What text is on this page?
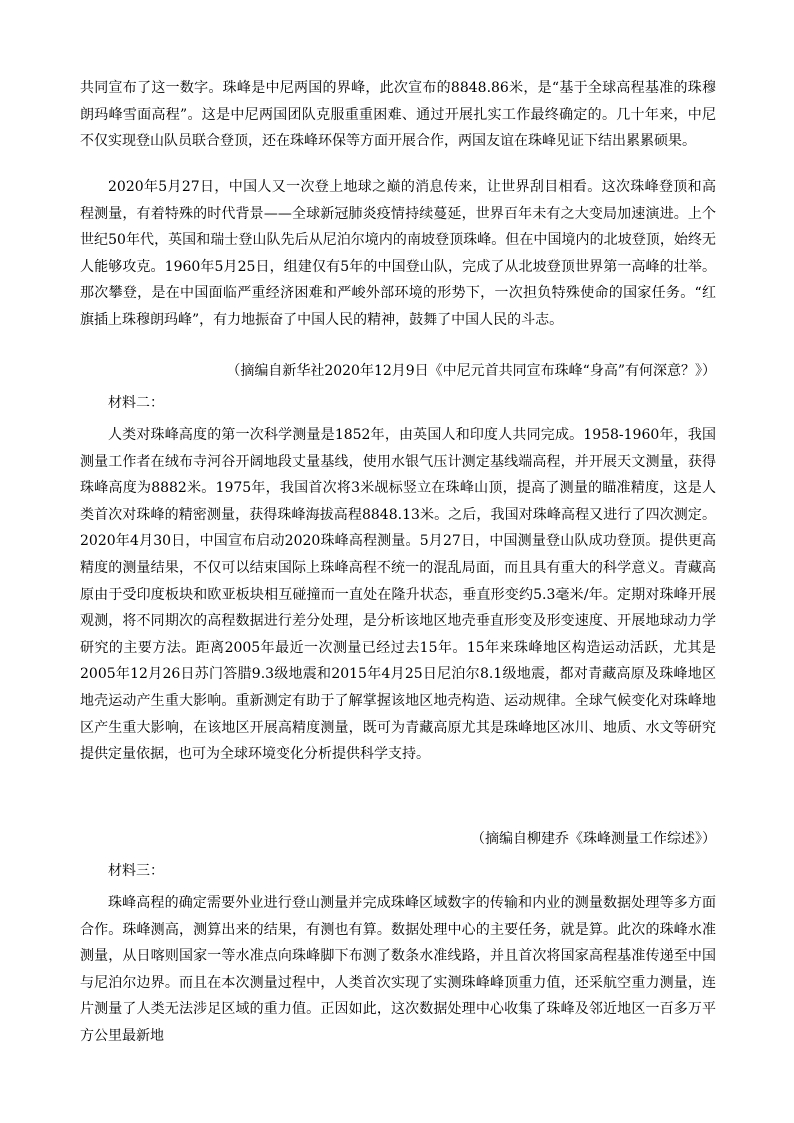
共同宣布了这一数字。珠峰是中尼两国的界峰，此次宣布的8848.86米，是“基于全球高程基准的珠穆朗玛峰雪面高程”。这是中尼两国团队克服重重困难、通过开展扎实工作最终确定的。几十年来，中尼不仅实现登山队员联合登顶，还在珠峰环保等方面开展合作，两国友谊在珠峰见证下结出累累硕果。

2020年5月27日，中国人又一次登上地球之巅的消息传来，让世界刮目相看。这次珠峰登顶和高程测量，有着特殊的时代背景——全球新冠肺炎疫情持续蔓延，世界百年未有之大变局加速演进。上个世纪50年代，英国和瑞士登山队先后从尼泊尔境内的南坡登顶珠峰。但在中国境内的北坡登顶，始终无人能够攻克。1960年5月25日，组建仅有5年的中国登山队，完成了从北坡登顶世界第一高峰的壮举。那次攀登，是在中国面临严重经济困难和严峻外部环境的形势下，一次担负特殊使命的国家任务。“红旗插上珠穆朗玛峰”，有力地振奋了中国人民的精神，鼓舞了中国人民的斗志。

（摘编自新华社2020年12月9日《中尼元首共同宣布珠峰“身高”有何深意？》）

材料二：

人类对珠峰高度的第一次科学测量是1852年，由英国人和印度人共同完成。1958-1960年，我国测量工作者在绒布寺河谷开阔地段丈量基线，使用水银气压计测定基线端高程，并开展天文测量，获得珠峰高度为8882米。1975年，我国首次将3米觇标竖立在珠峰山顶，提高了测量的瞄准精度，这是人类首次对珠峰的精密测量，获得珠峰海拔高程8848.13米。之后，我国对珠峰高程又进行了四次测定。2020年4月30日，中国宣布启动2020珠峰高程测量。5月27日，中国测量登山队成功登顶。提供更高精度的测量结果，不仅可以结束国际上珠峰高程不统一的混乱局面，而且具有重大的科学意义。青藏高原由于受印度板块和欧亚板块相互碰撞而一直处在隆升状态，垂直形变约5.3毫米/年。定期对珠峰开展观测，将不同期次的高程数据进行差分处理，是分析该地区地壳垂直形变及形变速度、开展地球动力学研究的主要方法。距离2005年最近一次测量已经过去15年。15年来珠峰地区构造运动活跃，尤其是2005年12月26日苏门答腊9.3级地震和2015年4月25日尼泊尔8.1级地震，都对青藏高原及珠峰地区地壳运动产生重大影响。重新测定有助于了解掌握该地区地壳构造、运动规律。全球气候变化对珠峰地区产生重大影响，在该地区开展高精度测量，既可为青藏高原尤其是珠峰地区冰川、地质、水文等研究提供定量依据，也可为全球环境变化分析提供科学支持。

（摘编自柳建乔《珠峰测量工作综述》）

材料三：

珠峰高程的确定需要外业进行登山测量并完成珠峰区域数字的传输和内业的测量数据处理等多方面合作。珠峰测高，测算出来的结果，有测也有算。数据处理中心的主要任务，就是算。此次的珠峰水准测量，从日喀则国家一等水准点向珠峰脚下布测了数条水准线路，并且首次将国家高程基准传递至中国与尼泊尔边界。而且在本次测量过程中，人类首次实现了实测珠峰峰顶重力值，还采航空重力测量，连片测量了人类无法涉足区域的重力值。正因如此，这次数据处理中心收集了珠峰及邻近地区一百多万平方公里最新地
